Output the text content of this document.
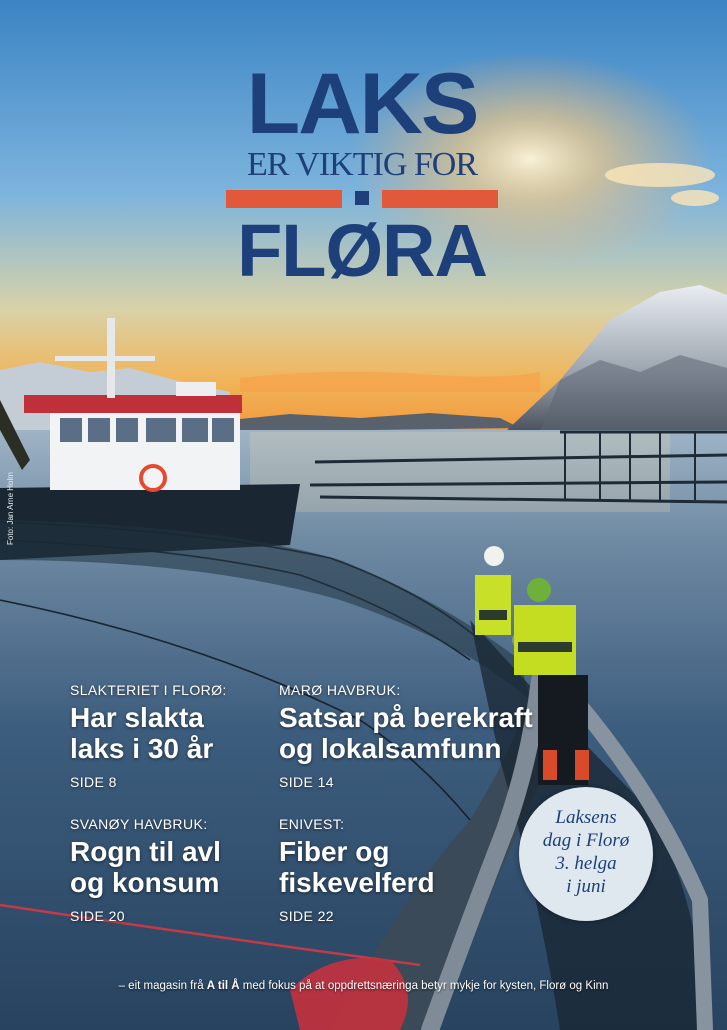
LAKS
ER VIKTIG FOR
FLØRA
Foto: Jan Arne Holm
SLAKTERIET I FLORØ:
Har slakta
laks i 30 år
SIDE 8
MARØ HAVBRUK:
Satsar på berekraft
og lokalsamfunn
SIDE 14
SVANØY HAVBRUK:
Rogn til avl
og konsum
SIDE 20
ENIVEST:
Fiber og
fiskevelferd
SIDE 22
Laksens
dag i Florø
3. helga
i juni
– eit magasin frå A til Å med fokus på at oppdrettsnæringa betyr mykje for kysten, Florø og Kinn
